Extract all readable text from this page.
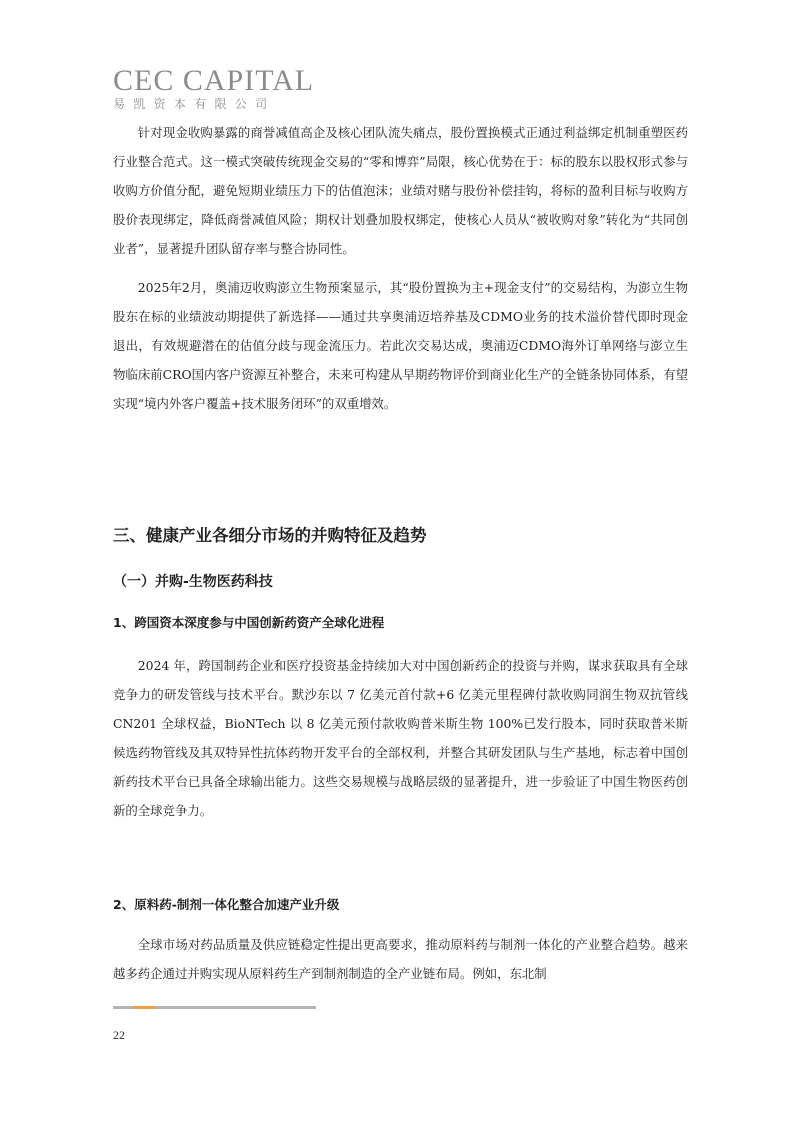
CEC CAPITAL
易凯资本有限公司

针对现金收购暴露的商誉减值高企及核心团队流失痛点，股份置换模式正通过利益绑定机制重塑医药行业整合范式。这一模式突破传统现金交易的“零和博弈”局限，核心优势在于：标的股东以股权形式参与收购方价值分配，避免短期业绩压力下的估值泡沫；业绩对赌与股份补偿挂钩，将标的盈利目标与收购方股价表现绑定，降低商誉减值风险；期权计划叠加股权绑定，使核心人员从“被收购对象”转化为“共同创业者”，显著提升团队留存率与整合协同性。

2025年2月，奥浦迈收购澎立生物预案显示，其“股份置换为主+现金支付”的交易结构，为澎立生物股东在标的业绩波动期提供了新选择——通过共享奥浦迈培养基及CDMO业务的技术溢价替代即时现金退出，有效规避潜在的估值分歧与现金流压力。若此次交易达成，奥浦迈CDMO海外订单网络与澎立生物临床前CRO国内客户资源互补整合，未来可构建从早期药物评价到商业化生产的全链条协同体系，有望实现“境内外客户覆盖+技术服务闭环”的双重增效。

三、健康产业各细分市场的并购特征及趋势
（一）并购-生物医药科技
1、跨国资本深度参与中国创新药资产全球化进程

2024 年，跨国制药企业和医疗投资基金持续加大对中国创新药企的投资与并购，谋求获取具有全球竞争力的研发管线与技术平台。默沙东以 7 亿美元首付款+6 亿美元里程碑付款收购同润生物双抗管线 CN201 全球权益，BioNTech 以 8 亿美元预付款收购普米斯生物 100%已发行股本，同时获取普米斯候选药物管线及其双特异性抗体药物开发平台的全部权利，并整合其研发团队与生产基地，标志着中国创新药技术平台已具备全球输出能力。这些交易规模与战略层级的显著提升，进一步验证了中国生物医药创新的全球竞争力。

2、原料药-制剂一体化整合加速产业升级

全球市场对药品质量及供应链稳定性提出更高要求，推动原料药与制剂一体化的产业整合趋势。越来越多药企通过并购实现从原料药生产到制剂制造的全产业链布局。例如，东北制

22
